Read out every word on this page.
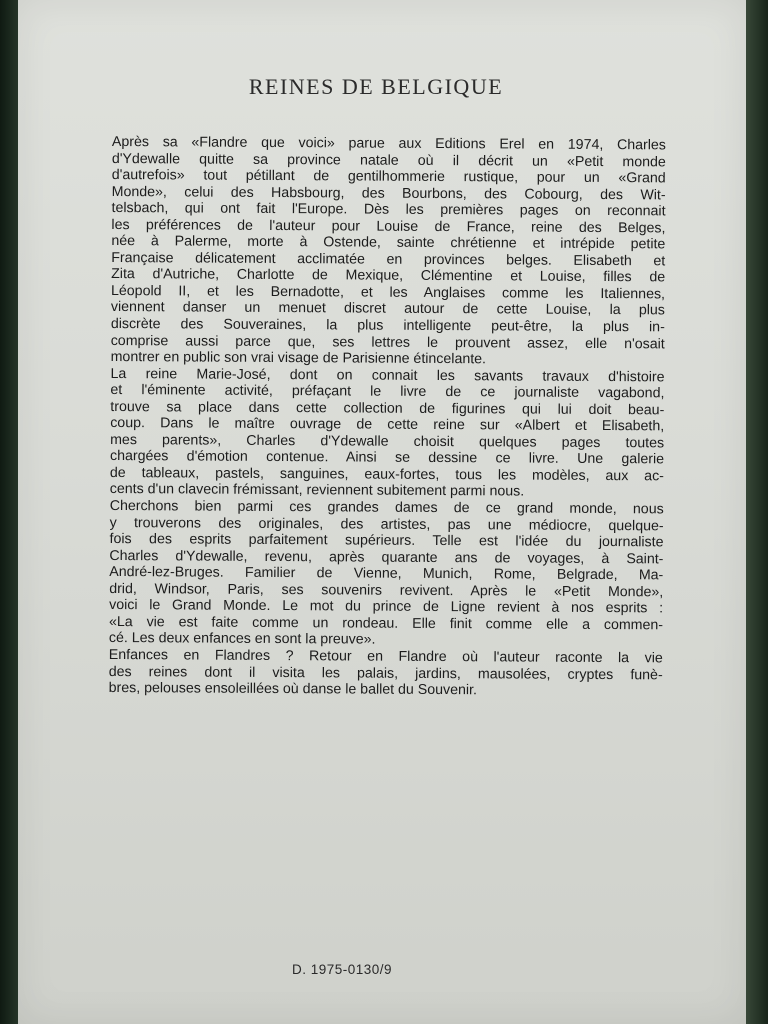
REINES DE BELGIQUE
Après sa «Flandre que voici» parue aux Editions Erel en 1974, Charles
d'Ydewalle quitte sa province natale où il décrit un «Petit monde
d'autrefois» tout pétillant de gentilhommerie rustique, pour un «Grand
Monde», celui des Habsbourg, des Bourbons, des Cobourg, des Wit-
telsbach, qui ont fait l'Europe. Dès les premières pages on reconnait
les préférences de l'auteur pour Louise de France, reine des Belges,
née à Palerme, morte à Ostende, sainte chrétienne et intrépide petite
Française délicatement acclimatée en provinces belges. Elisabeth et
Zita d'Autriche, Charlotte de Mexique, Clémentine et Louise, filles de
Léopold II, et les Bernadotte, et les Anglaises comme les Italiennes,
viennent danser un menuet discret autour de cette Louise, la plus
discrète des Souveraines, la plus intelligente peut-être, la plus in-
comprise aussi parce que, ses lettres le prouvent assez, elle n'osait
montrer en public son vrai visage de Parisienne étincelante.
La reine Marie-José, dont on connait les savants travaux d'histoire
et l'éminente activité, préfaçant le livre de ce journaliste vagabond,
trouve sa place dans cette collection de figurines qui lui doit beau-
coup. Dans le maître ouvrage de cette reine sur «Albert et Elisabeth,
mes parents», Charles d'Ydewalle choisit quelques pages toutes
chargées d'émotion contenue. Ainsi se dessine ce livre. Une galerie
de tableaux, pastels, sanguines, eaux-fortes, tous les modèles, aux ac-
cents d'un clavecin frémissant, reviennent subitement parmi nous.
Cherchons bien parmi ces grandes dames de ce grand monde, nous
y trouverons des originales, des artistes, pas une médiocre, quelque-
fois des esprits parfaitement supérieurs. Telle est l'idée du journaliste
Charles d'Ydewalle, revenu, après quarante ans de voyages, à Saint-
André-lez-Bruges. Familier de Vienne, Munich, Rome, Belgrade, Ma-
drid, Windsor, Paris, ses souvenirs revivent. Après le «Petit Monde»,
voici le Grand Monde. Le mot du prince de Ligne revient à nos esprits :
«La vie est faite comme un rondeau. Elle finit comme elle a commen-
cé. Les deux enfances en sont la preuve».
Enfances en Flandres ? Retour en Flandre où l'auteur raconte la vie
des reines dont il visita les palais, jardins, mausolées, cryptes funè-
bres, pelouses ensoleillées où danse le ballet du Souvenir.
D. 1975-0130/9
